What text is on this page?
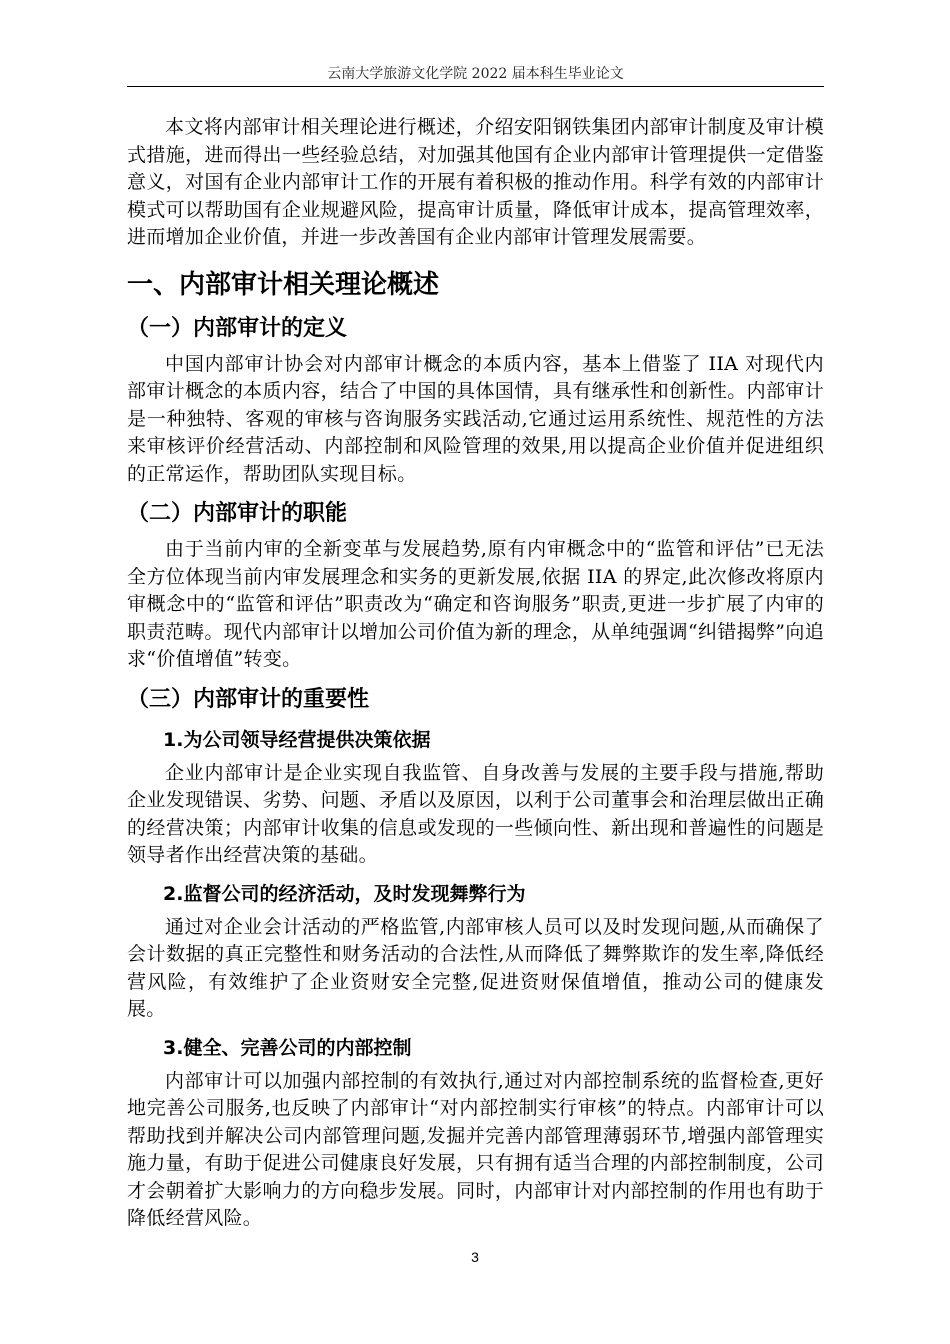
云南大学旅游文化学院 2022 届本科生毕业论文

本文将内部审计相关理论进行概述，介绍安阳钢铁集团内部审计制度及审计模式措施，进而得出一些经验总结，对加强其他国有企业内部审计管理提供一定借鉴意义，对国有企业内部审计工作的开展有着积极的推动作用。科学有效的内部审计模式可以帮助国有企业规避风险，提高审计质量，降低审计成本，提高管理效率，进而增加企业价值，并进一步改善国有企业内部审计管理发展需要。

一、内部审计相关理论概述
（一）内部审计的定义

中国内部审计协会对内部审计概念的本质内容，基本上借鉴了 IIA 对现代内部审计概念的本质内容，结合了中国的具体国情，具有继承性和创新性。内部审计是一种独特、客观的审核与咨询服务实践活动,它通过运用系统性、规范性的方法来审核评价经营活动、内部控制和风险管理的效果,用以提高企业价值并促进组织的正常运作，帮助团队实现目标。

（二）内部审计的职能

由于当前内审的全新变革与发展趋势,原有内审概念中的“监管和评估”已无法全方位体现当前内审发展理念和实务的更新发展,依据 IIA 的界定,此次修改将原内审概念中的“监管和评估”职责改为“确定和咨询服务”职责,更进一步扩展了内审的职责范畴。现代内部审计以增加公司价值为新的理念，从单纯强调“纠错揭弊”向追求“价值增值”转变。

（三）内部审计的重要性
1.为公司领导经营提供决策依据

企业内部审计是企业实现自我监管、自身改善与发展的主要手段与措施,帮助企业发现错误、劣势、问题、矛盾以及原因，以利于公司董事会和治理层做出正确的经营决策；内部审计收集的信息或发现的一些倾向性、新出现和普遍性的问题是领导者作出经营决策的基础。

2.监督公司的经济活动，及时发现舞弊行为

通过对企业会计活动的严格监管,内部审核人员可以及时发现问题,从而确保了会计数据的真正完整性和财务活动的合法性,从而降低了舞弊欺诈的发生率,降低经营风险，有效维护了企业资财安全完整,促进资财保值增值，推动公司的健康发展。

3.健全、完善公司的内部控制

内部审计可以加强内部控制的有效执行,通过对内部控制系统的监督检查,更好地完善公司服务,也反映了内部审计“对内部控制实行审核”的特点。内部审计可以帮助找到并解决公司内部管理问题,发掘并完善内部管理薄弱环节,增强内部管理实施力量，有助于促进公司健康良好发展，只有拥有适当合理的内部控制制度，公司才会朝着扩大影响力的方向稳步发展。同时，内部审计对内部控制的作用也有助于降低经营风险。

3
